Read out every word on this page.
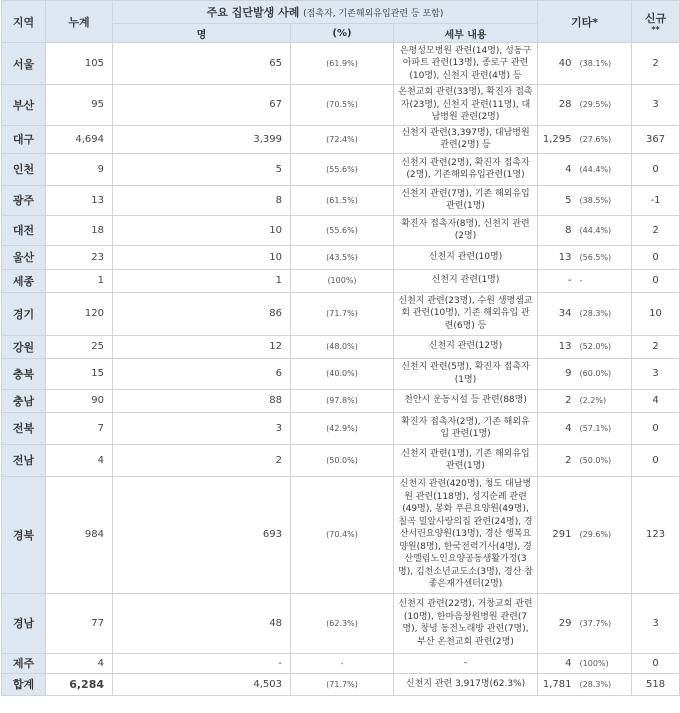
지역	누계	주요 집단발생 사례 (접촉자, 기존해외유입관련 등 포함)			기타*		신규
**

		명	(%)	세부 내용			
서울	105	65	(61.9%)	은평성모병원 관련(14명), 성동구 아파트 관련(13명), 종로구 관련(10명), 신천지 관련(4명) 등	40	(38.1%)	2
부산	95	67	(70.5%)	온천교회 관련(33명), 확진자 접촉자(23명), 신천지 관련(11명), 대남병원 관련(2명)	28	(29.5%)	3
대구	4,694	3,399	(72.4%)	신천지 관련(3,397명), 대남병원 관련(2명) 등	1,295	(27.6%)	367
인천	9	5	(55.6%)	신천지 관련(2명), 확진자 접촉자(2명), 기존해외유입관련(1명)	4	(44.4%)	0
광주	13	8	(61.5%)	신천지 관련(7명), 기존 해외유입 관련(1명)	5	(38.5%)	-1
대전	18	10	(55.6%)	확진자 접촉자(8명), 신천지 관련(2명)	8	(44.4%)	2
울산	23	10	(43.5%)	신천지 관련(10명)	13	(56.5%)	0
세종	1	1	(100%)	신천지 관련(1명)	-	-	0
경기	120	86	(71.7%)	신천지 관련(23명), 수원 생명샘교회 관련(10명), 기존 해외유입 관련(6명) 등	34	(28.3%)	10
강원	25	12	(48.0%)	신천지 관련(12명)	13	(52.0%)	2
충북	15	6	(40.0%)	신천지 관련(5명), 확진자 접촉자(1명)	9	(60.0%)	3
충남	90	88	(97.8%)	천안시 운동시설 등 관련(88명)	2	(2.2%)	4
전북	7	3	(42.9%)	확진자 접촉자(2명), 기존 해외유입 관련(1명)	4	(57.1%)	0
전남	4	2	(50.0%)	신천지 관련(1명), 기존 해외유입 관련(1명)	2	(50.0%)	0
경북	984	693	(70.4%)	신천지 관련(420명), 청도 대남병원 관련(118명), 성지순례 관련(49명), 봉화 푸른요양원(49명), 칠곡 밀알사랑의집 관련(24명), 경산서린요양원(13명), 경산 행복요양원(8명), 한국전력기사(4명), 경산엘림노인요양공동생활가정(3명), 김천소년교도소(3명), 경산 참좋은재가센터(2명)	291	(29.6%)	123
경남	77	48	(62.3%)	신천지 관련(22명), 거창교회 관련(10명), 한마음창원병원 관련(7명), 창녕 동전노래방 관련(7명), 부산 온천교회 관련(2명)	29	(37.7%)	3
제주	4	-	-	-	4	(100%)	0
합계	6,284	4,503	(71.7%)	신천지 관련 3,917명(62.3%)	1,781	(28.3%)	518
